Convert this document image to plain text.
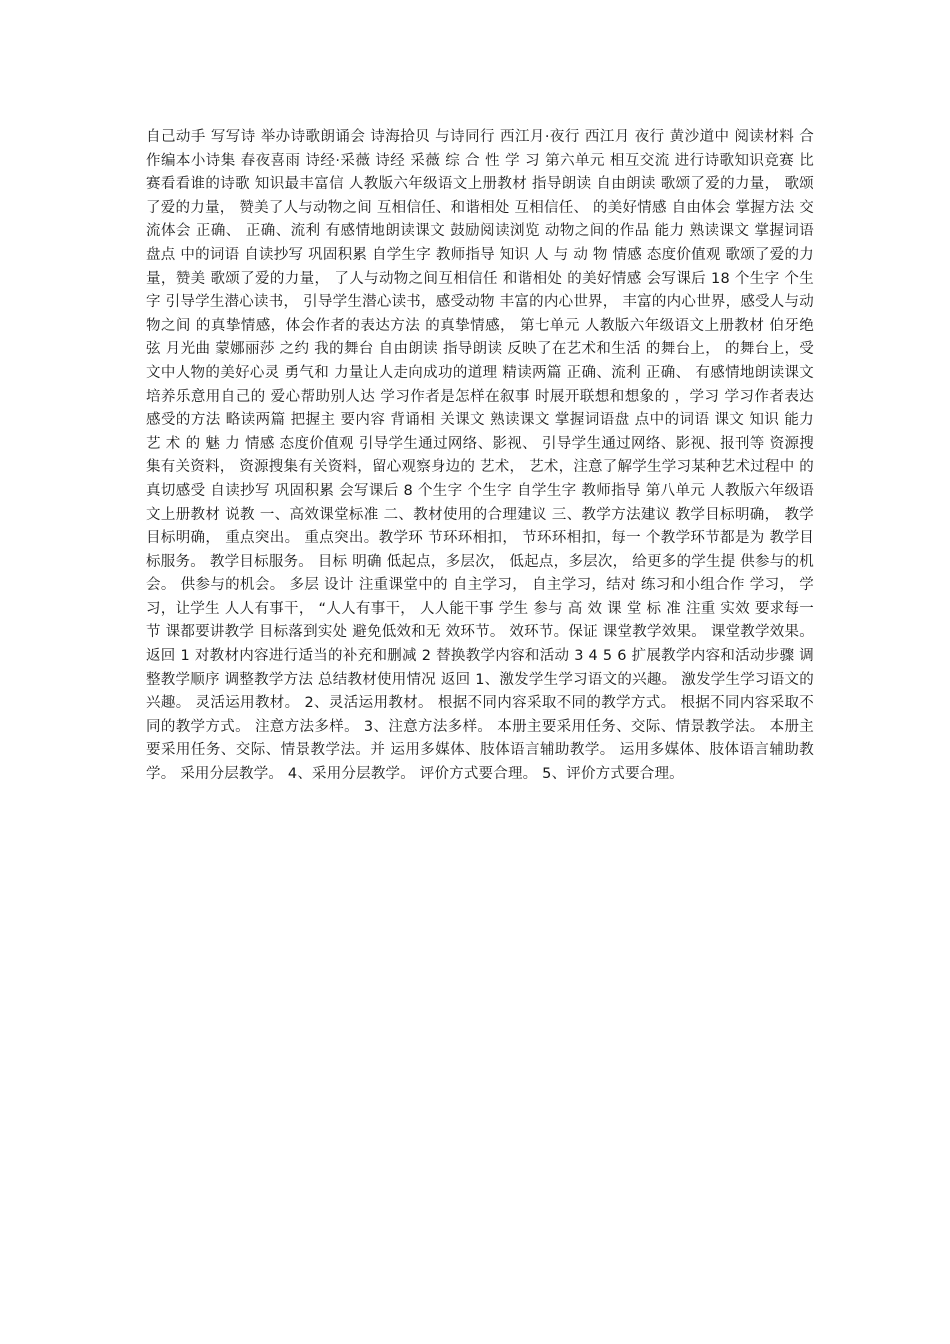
自己动手 写写诗 举办诗歌朗诵会 诗海拾贝 与诗同行 西江月·夜行 西江月 夜行 黄沙道中 阅读材料 合作编本小诗集 春夜喜雨 诗经·采薇 诗经 采薇 综 合 性 学 习 第六单元 相互交流 进行诗歌知识竞赛 比赛看看谁的诗歌 知识最丰富信 人教版六年级语文上册教材 指导朗读 自由朗读 歌颂了爱的力量， 歌颂了爱的力量， 赞美了人与动物之间 互相信任、和谐相处 互相信任、 的美好情感 自由体会 掌握方法 交流体会 正确、 正确、流利 有感情地朗读课文 鼓励阅读浏览 动物之间的作品 能力 熟读课文 掌握词语盘点 中的词语 自读抄写 巩固积累 自学生字 教师指导 知识 人 与 动 物 情感 态度价值观 歌颂了爱的力量，赞美 歌颂了爱的力量， 了人与动物之间互相信任 和谐相处 的美好情感 会写课后 18 个生字 个生字 引导学生潜心读书， 引导学生潜心读书，感受动物 丰富的内心世界， 丰富的内心世界，感受人与动物之间 的真挚情感，体会作者的表达方法 的真挚情感， 第七单元 人教版六年级语文上册教材 伯牙绝弦 月光曲 蒙娜丽莎 之约 我的舞台 自由朗读 指导朗读 反映了在艺术和生活 的舞台上， 的舞台上，受文中人物的美好心灵 勇气和 力量让人走向成功的道理 精读两篇 正确、流利 正确、 有感情地朗读课文 培养乐意用自己的 爱心帮助别人达 学习作者是怎样在叙事 时展开联想和想象的 ，学习 学习作者表达感受的方法 略读两篇 把握主 要内容 背诵相 关课文 熟读课文 掌握词语盘 点中的词语 课文 知识 能力 艺 术 的 魅 力 情感 态度价值观 引导学生通过网络、影视、 引导学生通过网络、影视、报刊等 资源搜集有关资料， 资源搜集有关资料，留心观察身边的 艺术， 艺术，注意了解学生学习某种艺术过程中 的真切感受 自读抄写 巩固积累 会写课后 8 个生字 个生字 自学生字 教师指导 第八单元 人教版六年级语文上册教材 说教 一、高效课堂标准 二、教材使用的合理建议 三、教学方法建议 教学目标明确， 教学目标明确， 重点突出。 重点突出。教学环 节环环相扣， 节环环相扣，每一 个教学环节都是为 教学目标服务。 教学目标服务。 目标 明确 低起点，多层次， 低起点，多层次， 给更多的学生提 供参与的机会。 供参与的机会。 多层 设计 注重课堂中的 自主学习， 自主学习，结对 练习和小组合作 学习， 学习，让学生 人人有事干， “人人有事干， 人人能干事 学生 参与 高 效 课 堂 标 准 注重 实效 要求每一节 课都要讲教学 目标落到实处 避免低效和无 效环节。 效环节。保证 课堂教学效果。 课堂教学效果。 返回 1 对教材内容进行适当的补充和删减 2 替换教学内容和活动 3 4 5 6 扩展教学内容和活动步骤 调整教学顺序 调整教学方法 总结教材使用情况 返回 1、激发学生学习语文的兴趣。 激发学生学习语文的兴趣。 灵活运用教材。 2、灵活运用教材。 根据不同内容采取不同的教学方式。 根据不同内容采取不同的教学方式。 注意方法多样。 3、注意方法多样。 本册主要采用任务、交际、情景教学法。 本册主要采用任务、交际、情景教学法。并 运用多媒体、肢体语言辅助教学。 运用多媒体、肢体语言辅助教学。 采用分层教学。 4、采用分层教学。 评价方式要合理。 5、评价方式要合理。
